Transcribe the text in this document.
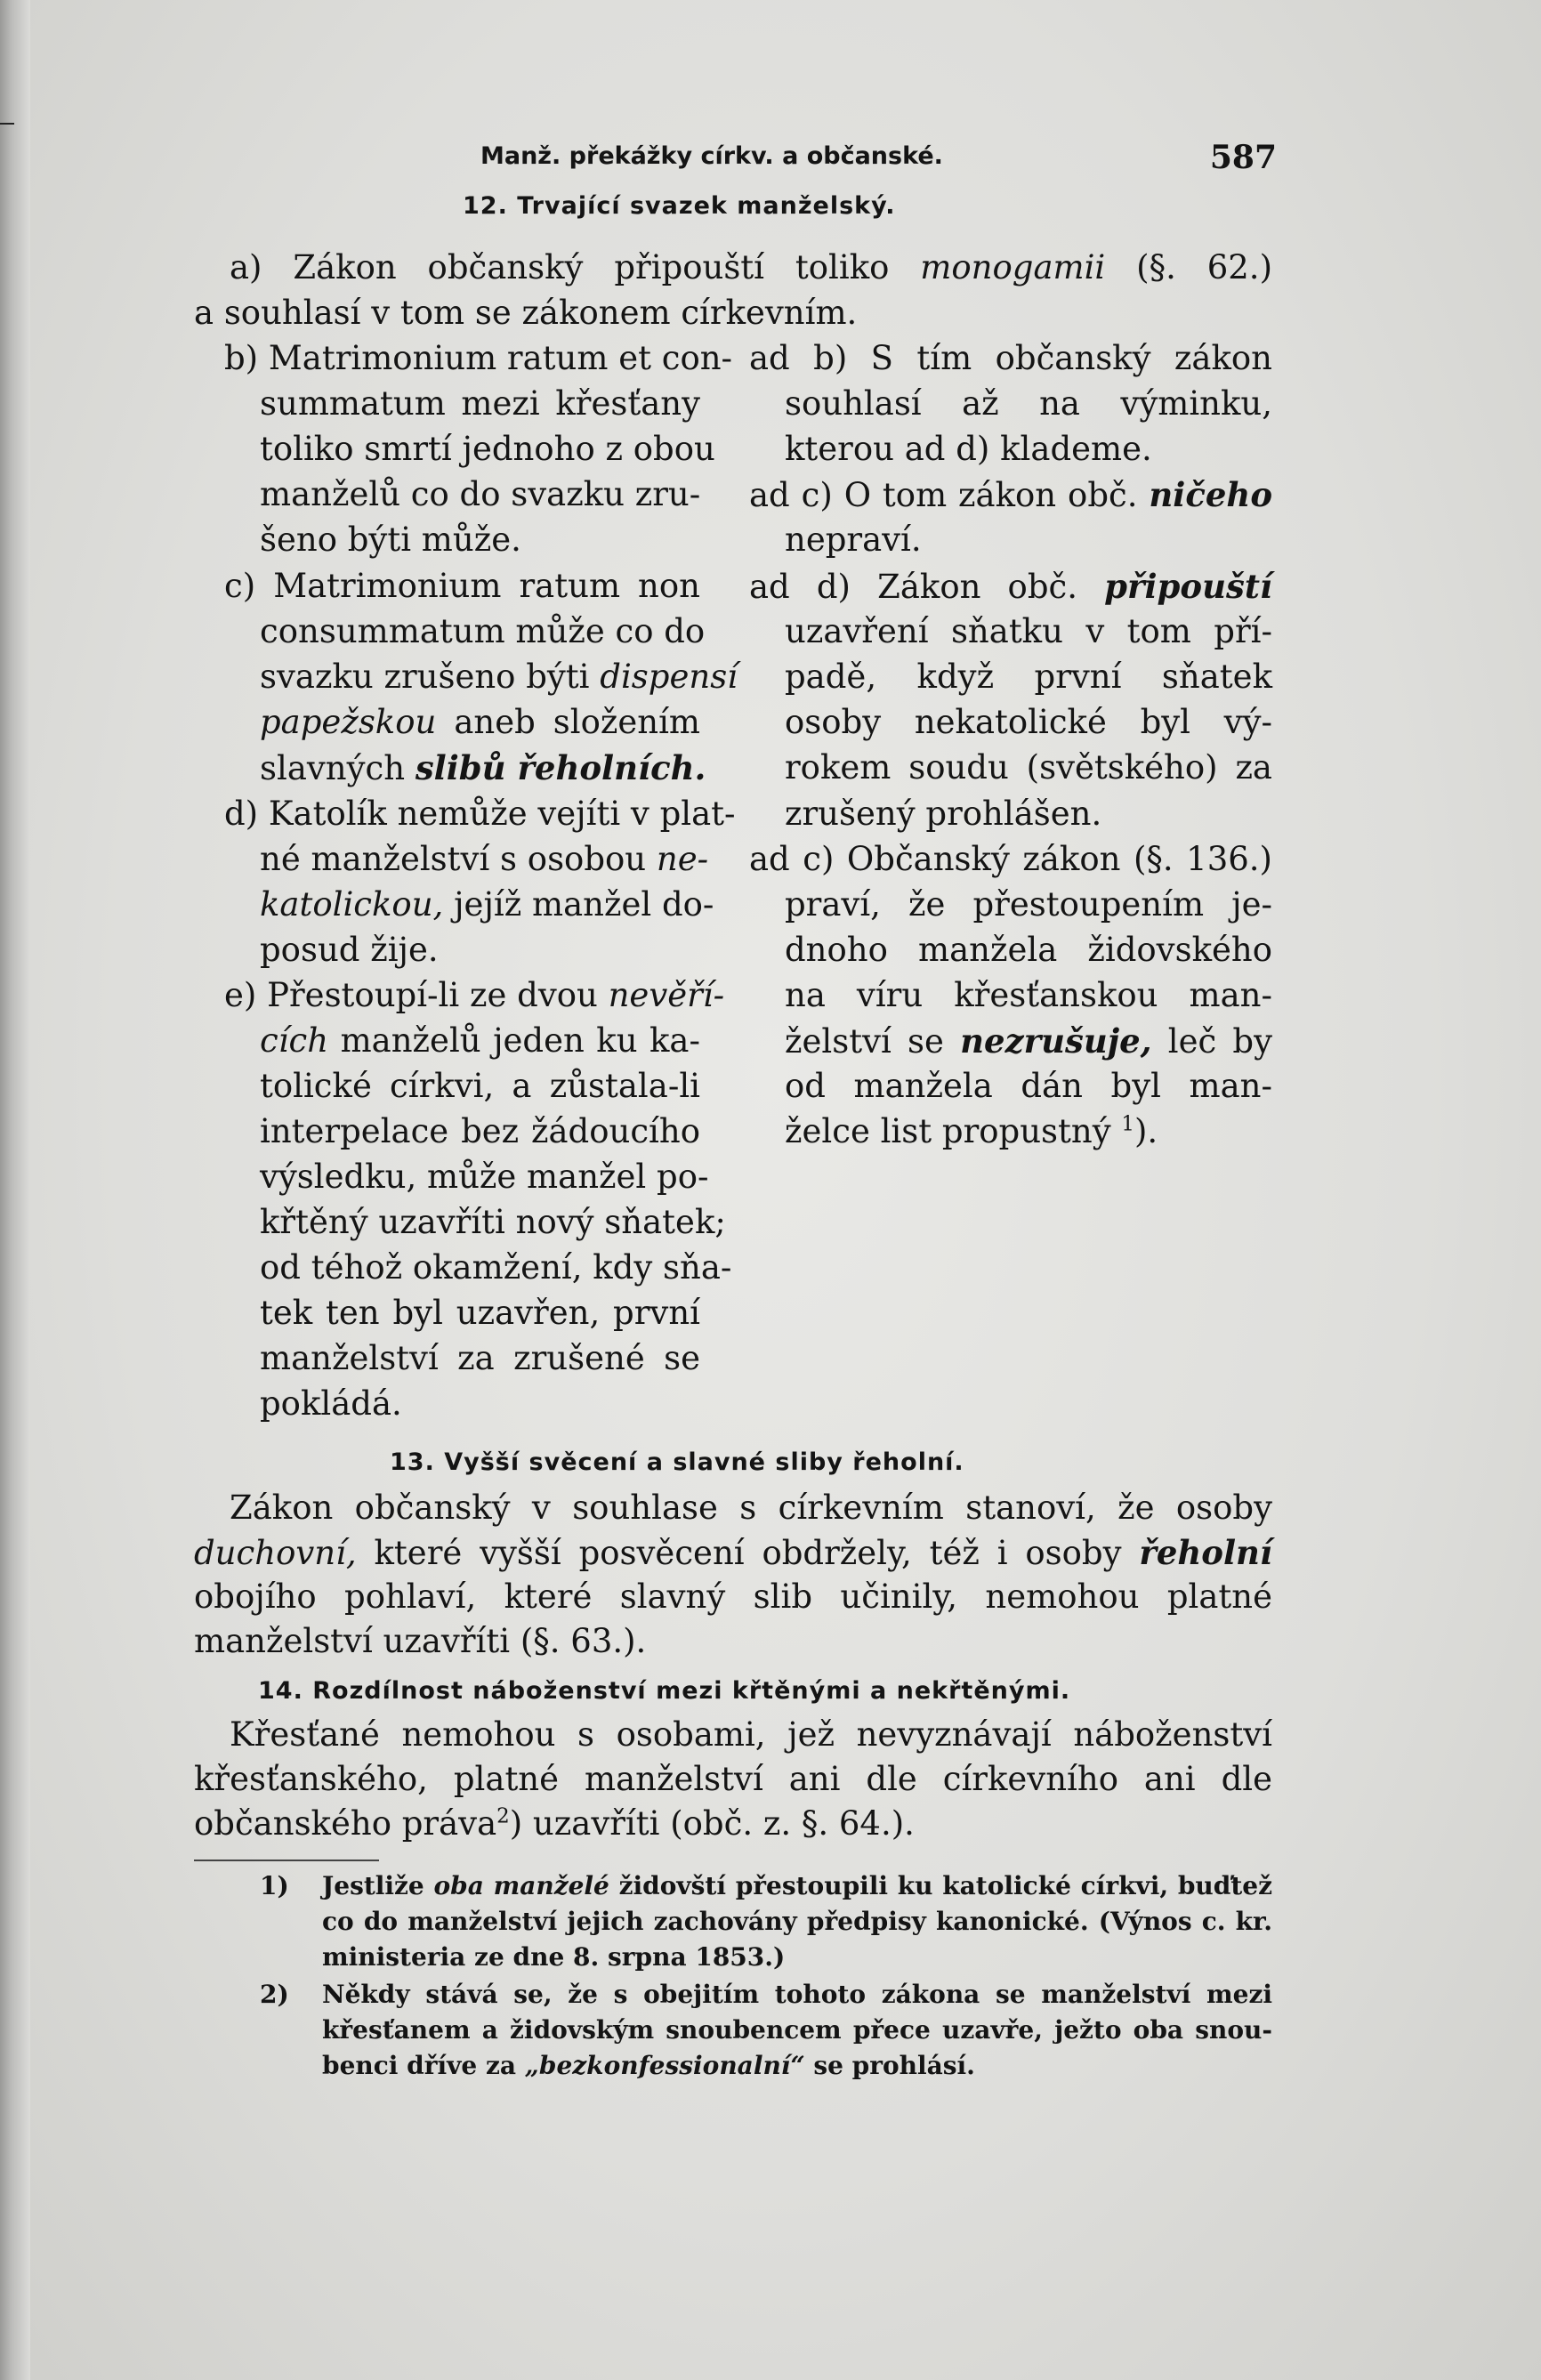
Manž. překážky církv. a občanské.	587
12. Trvající svazek manželský.
a) Zákon občanský připouští toliko monogamii (§. 62.)
a souhlasí v tom se zákonem církevním.
b) Matrimonium ratum et con-
summatum mezi křesťany
toliko smrtí jednoho z obou
manželů co do svazku zru-
šeno býti může.
c) Matrimonium ratum non
consummatum může co do
svazku zrušeno býti dispensí
papežskou aneb složením
slavných slibů řeholních.
d) Katolík nemůže vejíti v plat-
né manželství s osobou ne-
katolickou, jejíž manžel do-
posud žije.
e) Přestoupí-li ze dvou nevěří-
cích manželů jeden ku ka-
tolické církvi, a zůstala-li
interpelace bez žádoucího
výsledku, může manžel po-
křtěný uzavříti nový sňatek;
od téhož okamžení, kdy sňa-
tek ten byl uzavřen, první
manželství za zrušené se
pokládá.
ad b) S tím občanský zákon
souhlasí až na výminku,
kterou ad d) klademe.
ad c) O tom zákon obč. ničeho
nepraví.
ad d) Zákon obč. připouští
uzavření sňatku v tom pří-
padě, když první sňatek
osoby nekatolické byl vý-
rokem soudu (světského) za
zrušený prohlášen.
ad c) Občanský zákon (§. 136.)
praví, že přestoupením je-
dnoho manžela židovského
na víru křesťanskou man-
želství se nezrušuje, leč by
od manžela dán byl man-
želce list propustný $^1$).
13. Vyšší svěcení a slavné sliby řeholní.
Zákon občanský v souhlase s církevním stanoví, že osoby
duchovní, které vyšší posvěcení obdržely, též i osoby řeholní
obojího pohlaví, které slavný slib učinily, nemohou platné
manželství uzavříti (§. 63.).
14. Rozdílnost náboženství mezi křtěnými a nekřtěnými.
Křesťané nemohou s osobami, jež nevyznávají náboženství
křesťanského, platné manželství ani dle církevního ani dle
občanského práva$^2$) uzavříti (obč. z. §. 64.).
1) Jestliže oba manželé židovští přestoupili ku katolické církvi, buďtež
co do manželství jejich zachovány předpisy kanonické. (Výnos c. kr.
ministeria ze dne 8. srpna 1853.)
2) Někdy stává se, že s obejitím tohoto zákona se manželství mezi
křesťanem a židovským snoubencem přece uzavře, ježto oba snou-
benci dříve za „bezkonfessionalní“ se prohlásí.
